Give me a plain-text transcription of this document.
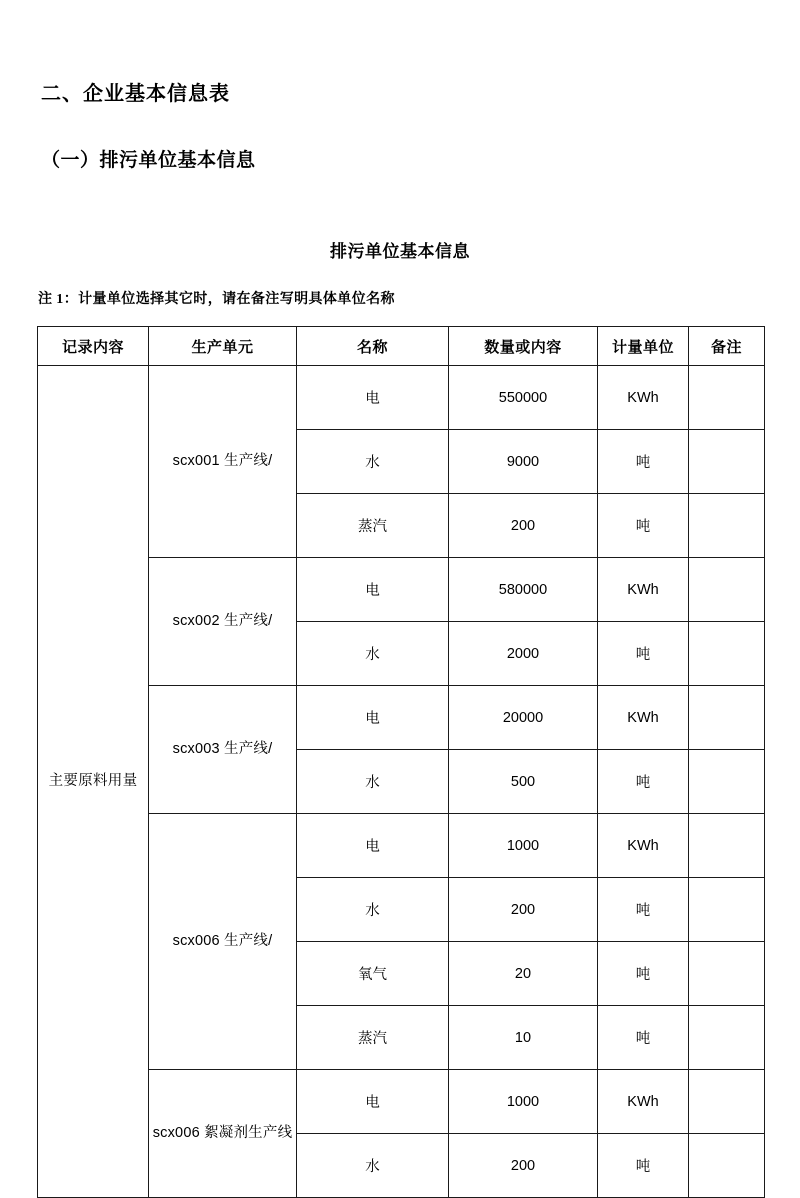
二、企业基本信息表
（一）排污单位基本信息
排污单位基本信息
注 1：计量单位选择其它时，请在备注写明具体单位名称
记录内容	生产单元	名称	数量或内容	计量单位	备注
主要原料用量	scx001 生产线/	电	550000	KWh	
		水	9000	吨	
		蒸汽	200	吨	
	scx002 生产线/	电	580000	KWh	
		水	2000	吨	
	scx003 生产线/	电	20000	KWh	
		水	500	吨	
	scx006 生产线/	电	1000	KWh	
		水	200	吨	
		氧气	20	吨	
		蒸汽	10	吨	
	scx006 絮凝剂生产线	电	1000	KWh	
		水	200	吨	
